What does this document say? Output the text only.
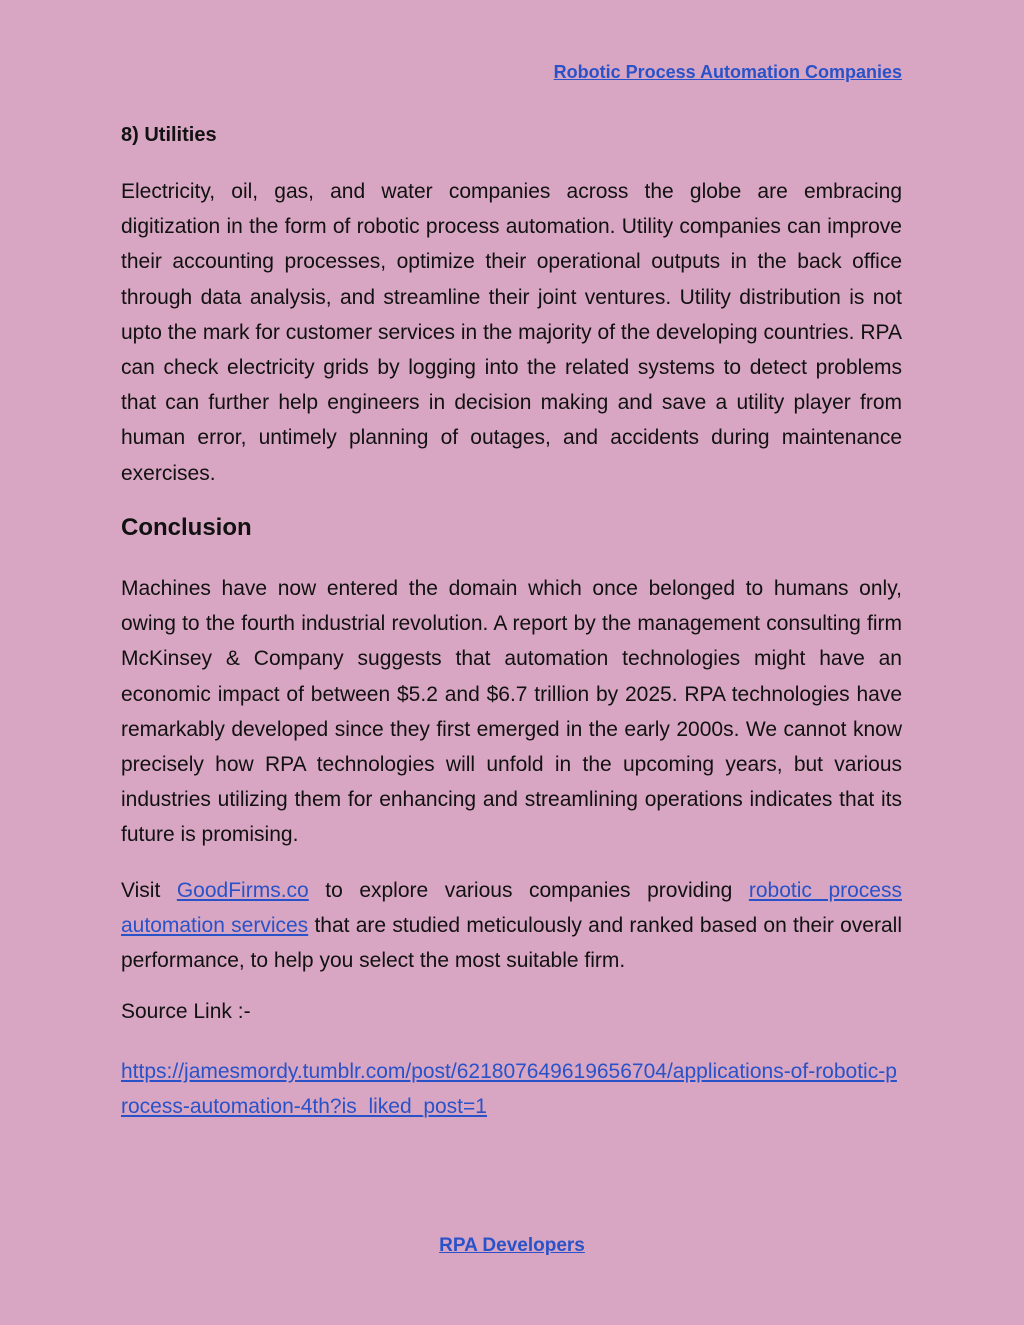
Robotic Process Automation Companies
8) Utilities

Electricity, oil, gas, and water companies across the globe are embracing digitization in the form of robotic process automation. Utility companies can improve their accounting processes, optimize their operational outputs in the back office through data analysis, and streamline their joint ventures. Utility distribution is not upto the mark for customer services in the majority of the developing countries. RPA can check electricity grids by logging into the related systems to detect problems that can further help engineers in decision making and save a utility player from human error, untimely planning of outages, and accidents during maintenance exercises.

Conclusion

Machines have now entered the domain which once belonged to humans only, owing to the fourth industrial revolution. A report by the management consulting firm McKinsey & Company suggests that automation technologies might have an economic impact of between $5.2 and $6.7 trillion by 2025. RPA technologies have remarkably developed since they first emerged in the early 2000s. We cannot know precisely how RPA technologies will unfold in the upcoming years, but various industries utilizing them for enhancing and streamlining operations indicates that its future is promising.

Visit GoodFirms.co to explore various companies providing robotic process automation services that are studied meticulously and ranked based on their overall performance, to help you select the most suitable firm.

Source Link :-

https://jamesmordy.tumblr.com/post/621807649619656704/applications-of-robotic-process-automation-4th?is_liked_post=1
RPA Developers
